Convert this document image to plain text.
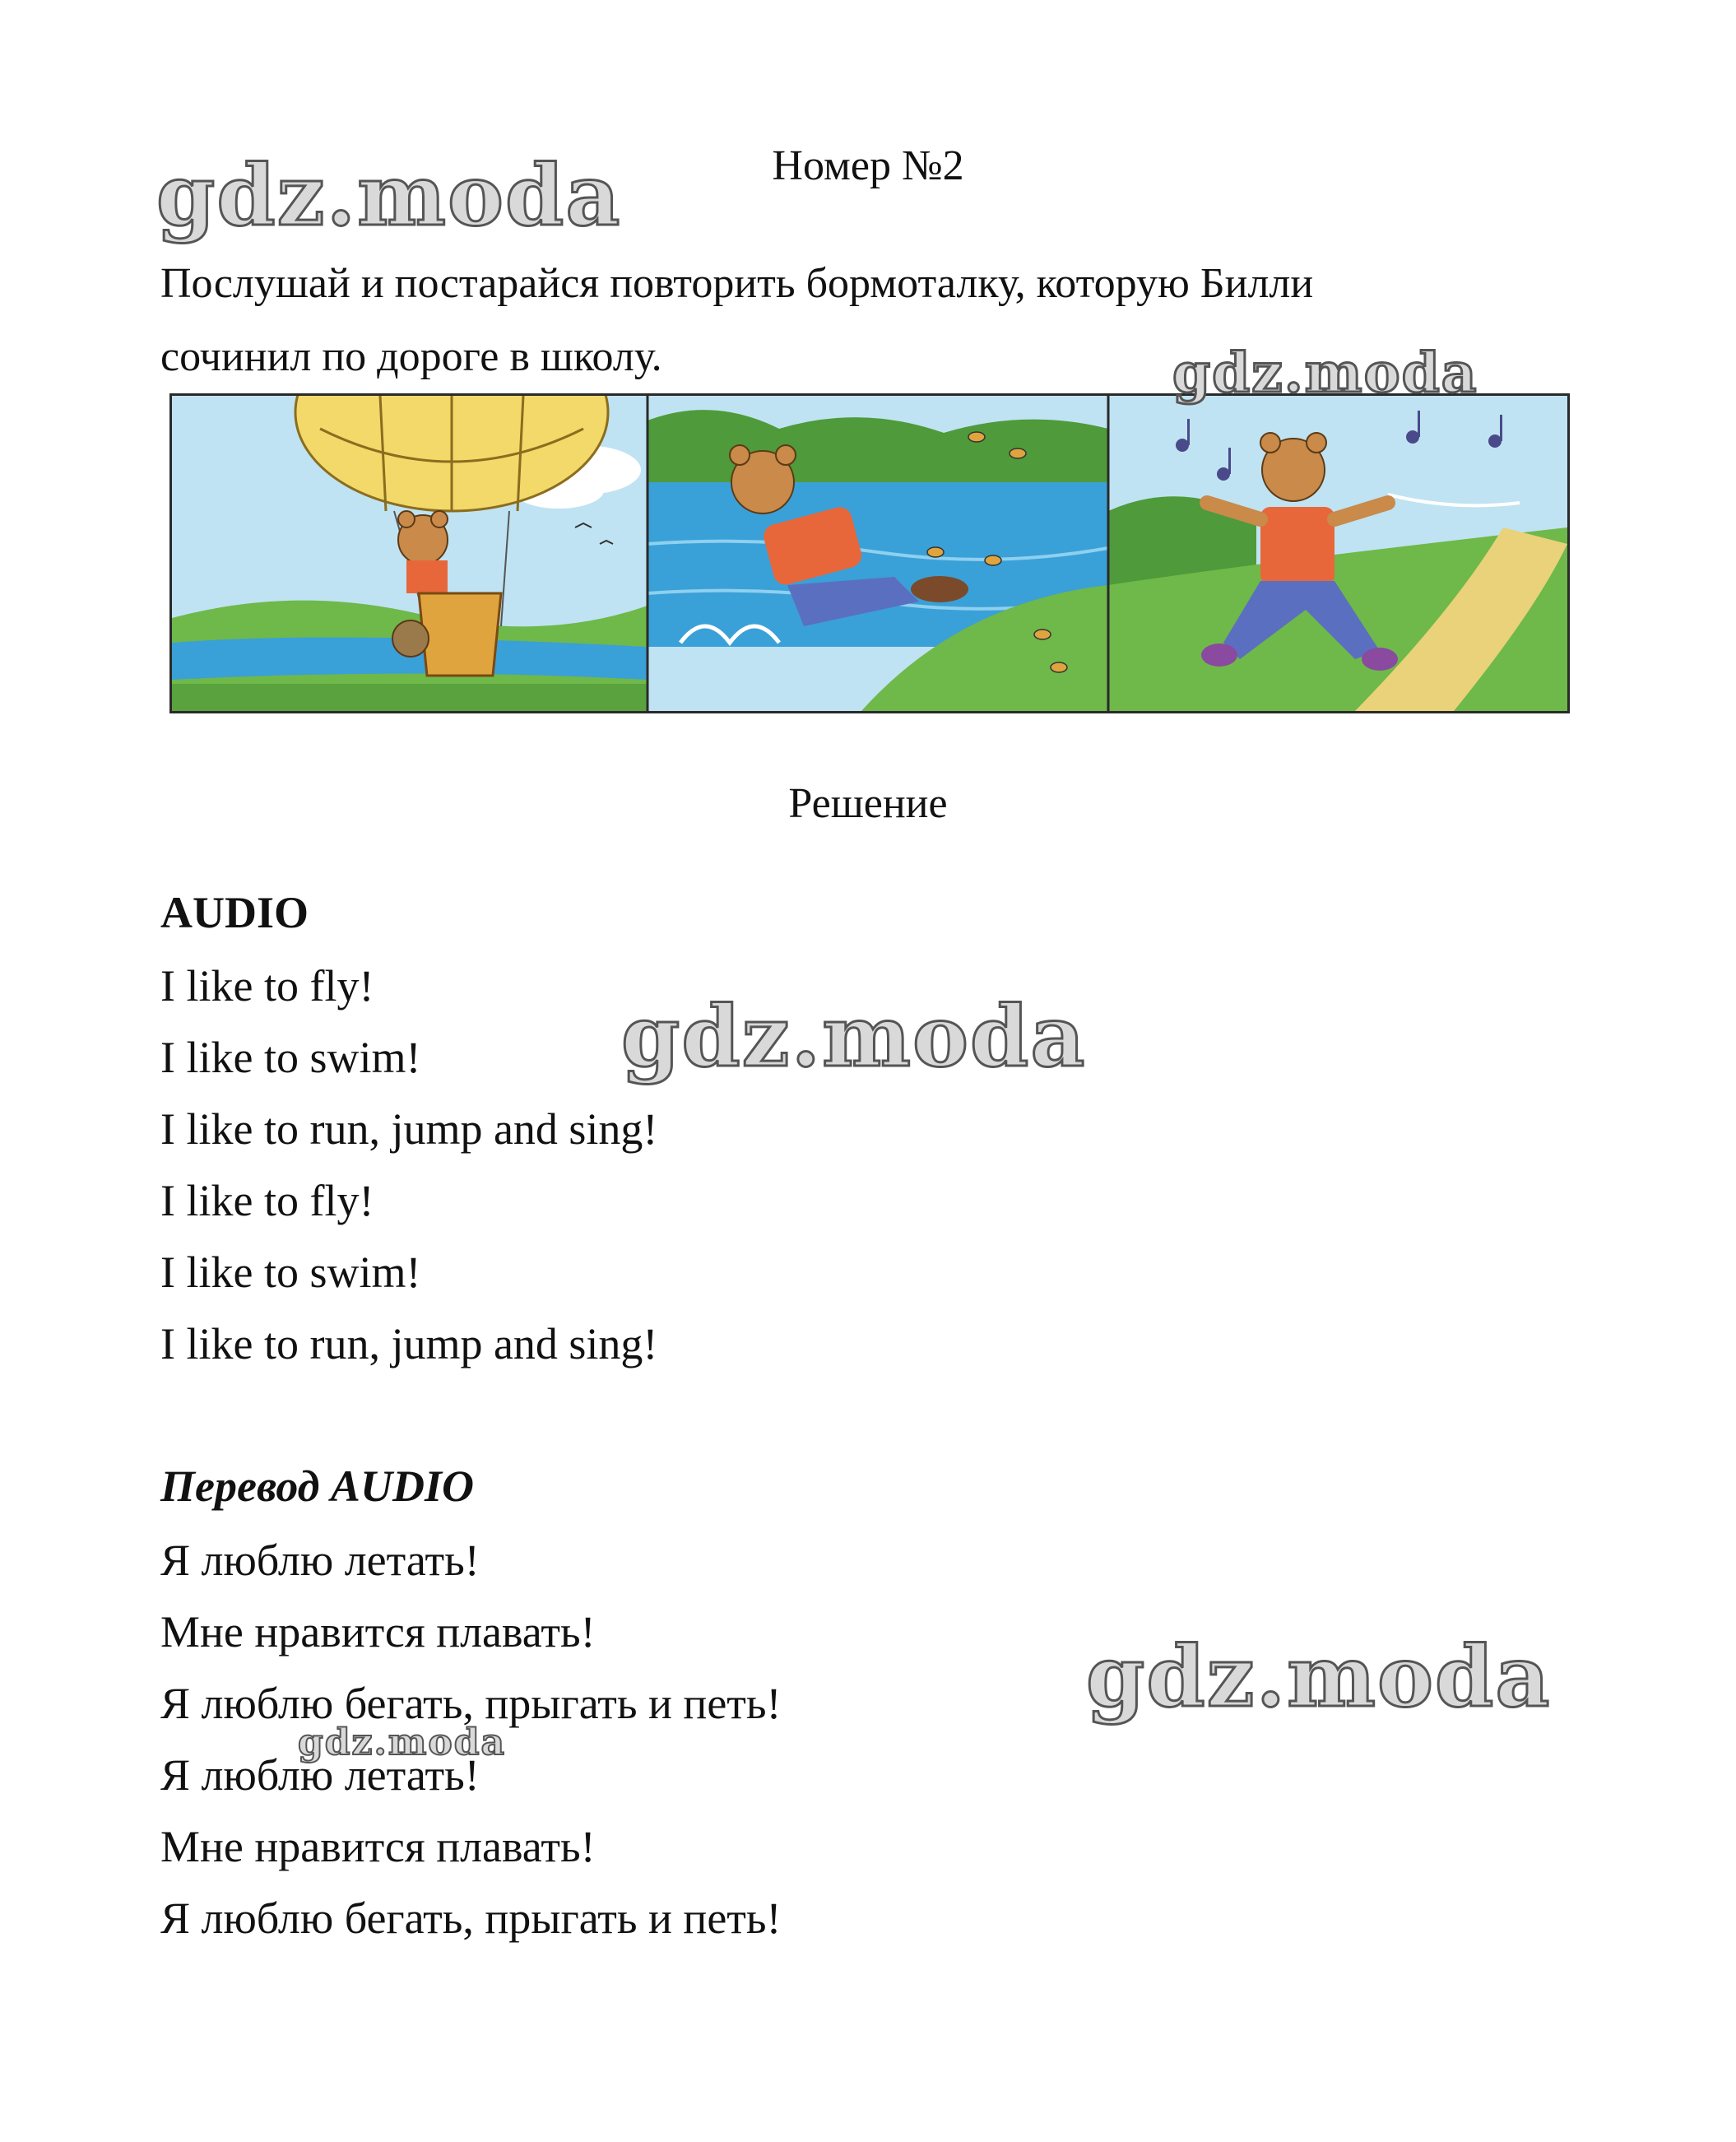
Номер №2
Послушай и постарайся повторить бормоталку, которую Билли
сочинил по дороге в школу.
Решение
AUDIO
I like to fly!
I like to swim!
I like to run, jump and sing!
I like to fly!
I like to swim!
I like to run, jump and sing!
Перевод AUDIO
Я люблю летать!
Мне нравится плавать!
Я люблю бегать, прыгать и петь!
Я люблю летать!
Мне нравится плавать!
Я люблю бегать, прыгать и петь!
gdz.moda
gdz.moda
gdz.moda
gdz.moda
gdz.moda
